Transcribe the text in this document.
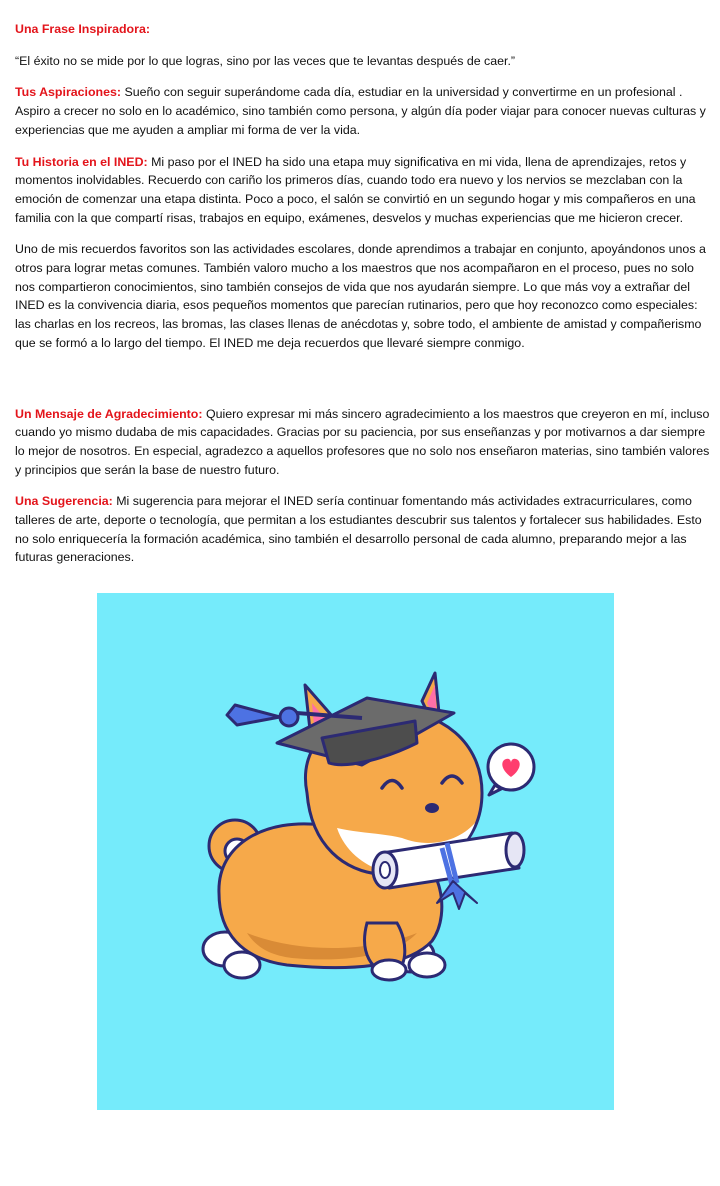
Una Frase Inspiradora:

“El éxito no se mide por lo que logras, sino por las veces que te levantas después de caer.”

Tus Aspiraciones: Sueño con seguir superándome cada día, estudiar en la universidad y convertirme en un profesional . Aspiro a crecer no solo en lo académico, sino también como persona, y algún día poder viajar para conocer nuevas culturas y experiencias que me ayuden a ampliar mi forma de ver la vida.

Tu Historia en el INED: Mi paso por el INED ha sido una etapa muy significativa en mi vida, llena de aprendizajes, retos y momentos inolvidables. Recuerdo con cariño los primeros días, cuando todo era nuevo y los nervios se mezclaban con la emoción de comenzar una etapa distinta. Poco a poco, el salón se convirtió en un segundo hogar y mis compañeros en una familia con la que compartí risas, trabajos en equipo, exámenes, desvelos y muchas experiencias que me hicieron crecer.

Uno de mis recuerdos favoritos son las actividades escolares, donde aprendimos a trabajar en conjunto, apoyándonos unos a otros para lograr metas comunes. También valoro mucho a los maestros que nos acompañaron en el proceso, pues no solo nos compartieron conocimientos, sino también consejos de vida que nos ayudarán siempre. Lo que más voy a extrañar del INED es la convivencia diaria, esos pequeños momentos que parecían rutinarios, pero que hoy reconozco como especiales: las charlas en los recreos, las bromas, las clases llenas de anécdotas y, sobre todo, el ambiente de amistad y compañerismo que se formó a lo largo del tiempo. El INED me deja recuerdos que llevaré siempre conmigo.

Un Mensaje de Agradecimiento: Quiero expresar mi más sincero agradecimiento a los maestros que creyeron en mí, incluso cuando yo mismo dudaba de mis capacidades. Gracias por su paciencia, por sus enseñanzas y por motivarnos a dar siempre lo mejor de nosotros. En especial, agradezco a aquellos profesores que no solo nos enseñaron materias, sino también valores y principios que serán la base de nuestro futuro.

Una Sugerencia: Mi sugerencia para mejorar el INED sería continuar fomentando más actividades extracurriculares, como talleres de arte, deporte o tecnología, que permitan a los estudiantes descubrir sus talentos y fortalecer sus habilidades. Esto no solo enriquecería la formación académica, sino también el desarrollo personal de cada alumno, preparando mejor a las futuras generaciones.
